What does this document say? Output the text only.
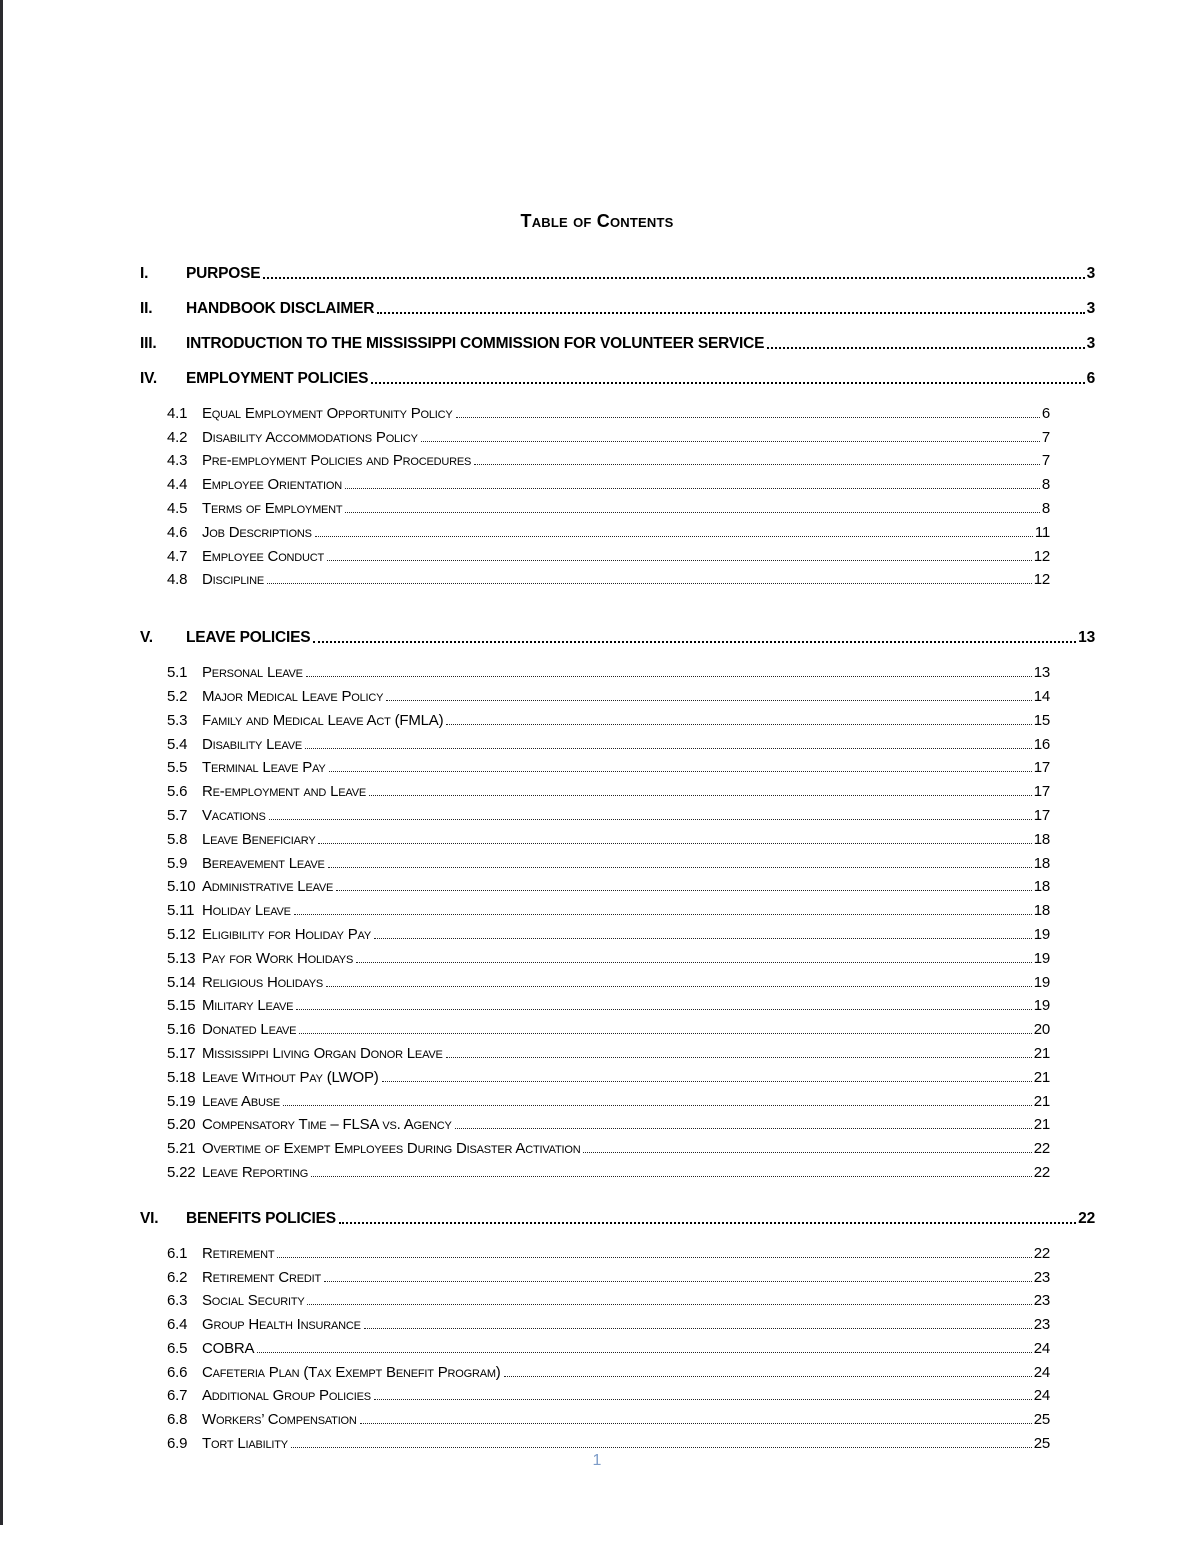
Table of Contents
I.	PURPOSE	3
II.	HANDBOOK DISCLAIMER	3
III.	INTRODUCTION TO THE MISSISSIPPI COMMISSION FOR VOLUNTEER SERVICE	3
IV.	EMPLOYMENT POLICIES	6
4.1 Equal Employment Opportunity Policy	6
4.2 Disability Accommodations Policy	7
4.3 Pre-employment Policies and Procedures	7
4.4 Employee Orientation	8
4.5 Terms of Employment	8
4.6 Job Descriptions	11
4.7 Employee Conduct	12
4.8 Discipline	12
V.	LEAVE POLICIES	13
5.1 Personal Leave	13
5.2 Major Medical Leave Policy	14
5.3 Family and Medical Leave Act (FMLA)	15
5.4 Disability Leave	16
5.5 Terminal Leave Pay	17
5.6 Re-employment and Leave	17
5.7 Vacations	17
5.8 Leave Beneficiary	18
5.9 Bereavement Leave	18
5.10 Administrative Leave	18
5.11 Holiday Leave	18
5.12 Eligibility for Holiday Pay	19
5.13 Pay for Work Holidays	19
5.14 Religious Holidays	19
5.15 Military Leave	19
5.16 Donated Leave	20
5.17 Mississippi Living Organ Donor Leave	21
5.18 Leave Without Pay (LWOP)	21
5.19 Leave Abuse	21
5.20 Compensatory Time – FLSA vs. Agency	21
5.21 Overtime of Exempt Employees During Disaster Activation	22
5.22 Leave Reporting	22
VI.	BENEFITS POLICIES	22
6.1 Retirement	22
6.2 Retirement Credit	23
6.3 Social Security	23
6.4 Group Health Insurance	23
6.5 COBRA	24
6.6 Cafeteria Plan (Tax Exempt Benefit Program)	24
6.7 Additional Group Policies	24
6.8 Workers’ Compensation	25
6.9 Tort Liability	25
1
